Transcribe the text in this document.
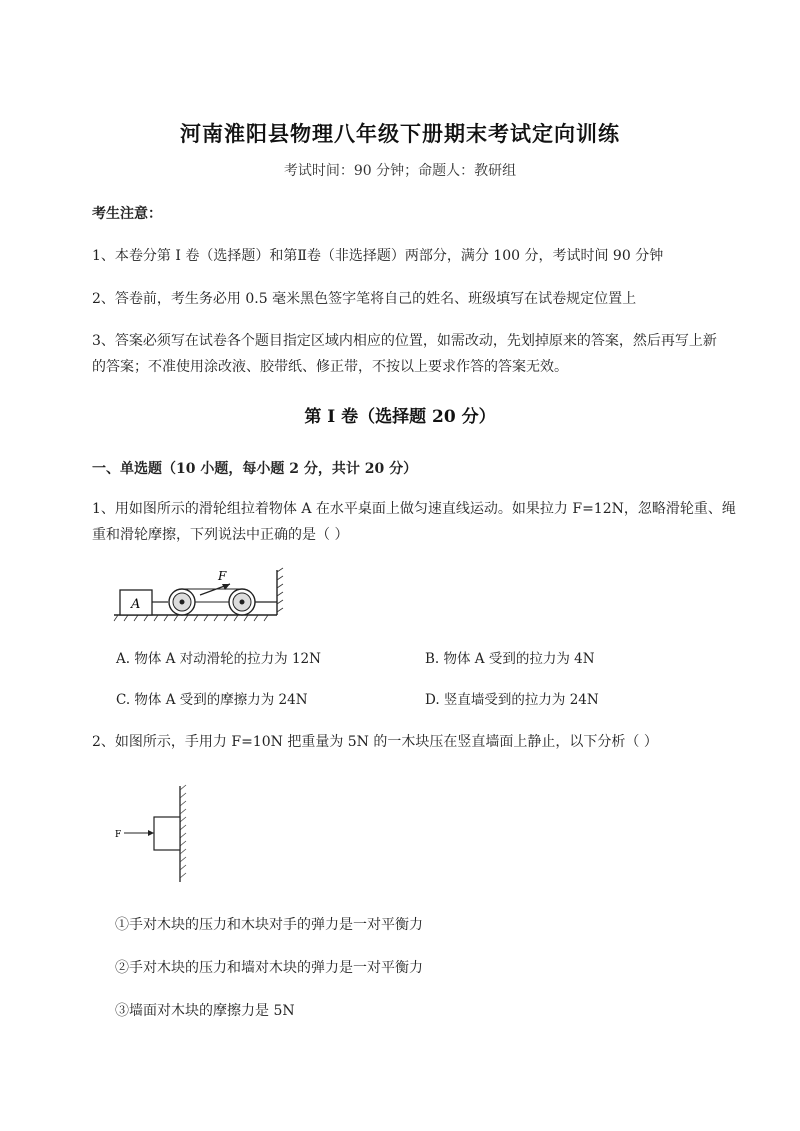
河南淮阳县物理八年级下册期末考试定向训练
考试时间：90 分钟；命题人：教研组
考生注意：
1、本卷分第 I 卷（选择题）和第Ⅱ卷（非选择题）两部分，满分 100 分，考试时间 90 分钟
2、答卷前，考生务必用 0.5 毫米黑色签字笔将自己的姓名、班级填写在试卷规定位置上
3、答案必须写在试卷各个题目指定区域内相应的位置，如需改动，先划掉原来的答案，然后再写上新
的答案；不准使用涂改液、胶带纸、修正带，不按以上要求作答的答案无效。
第 I 卷（选择题 20 分）
一、单选题（10 小题，每小题 2 分，共计 20 分）
1、用如图所示的滑轮组拉着物体 A 在水平桌面上做匀速直线运动。如果拉力 F=12N，忽略滑轮重、绳
重和滑轮摩擦，下列说法中正确的是（ ）
A
F
A. 物体 A 对动滑轮的拉力为 12N	B. 物体 A 受到的拉力为 4N
C. 物体 A 受到的摩擦力为 24N	D. 竖直墙受到的拉力为 24N
2、如图所示，手用力 F=10N 把重量为 5N 的一木块压在竖直墙面上静止，以下分析（ ）
F
①手对木块的压力和木块对手的弹力是一对平衡力
②手对木块的压力和墙对木块的弹力是一对平衡力
③墙面对木块的摩擦力是 5N
